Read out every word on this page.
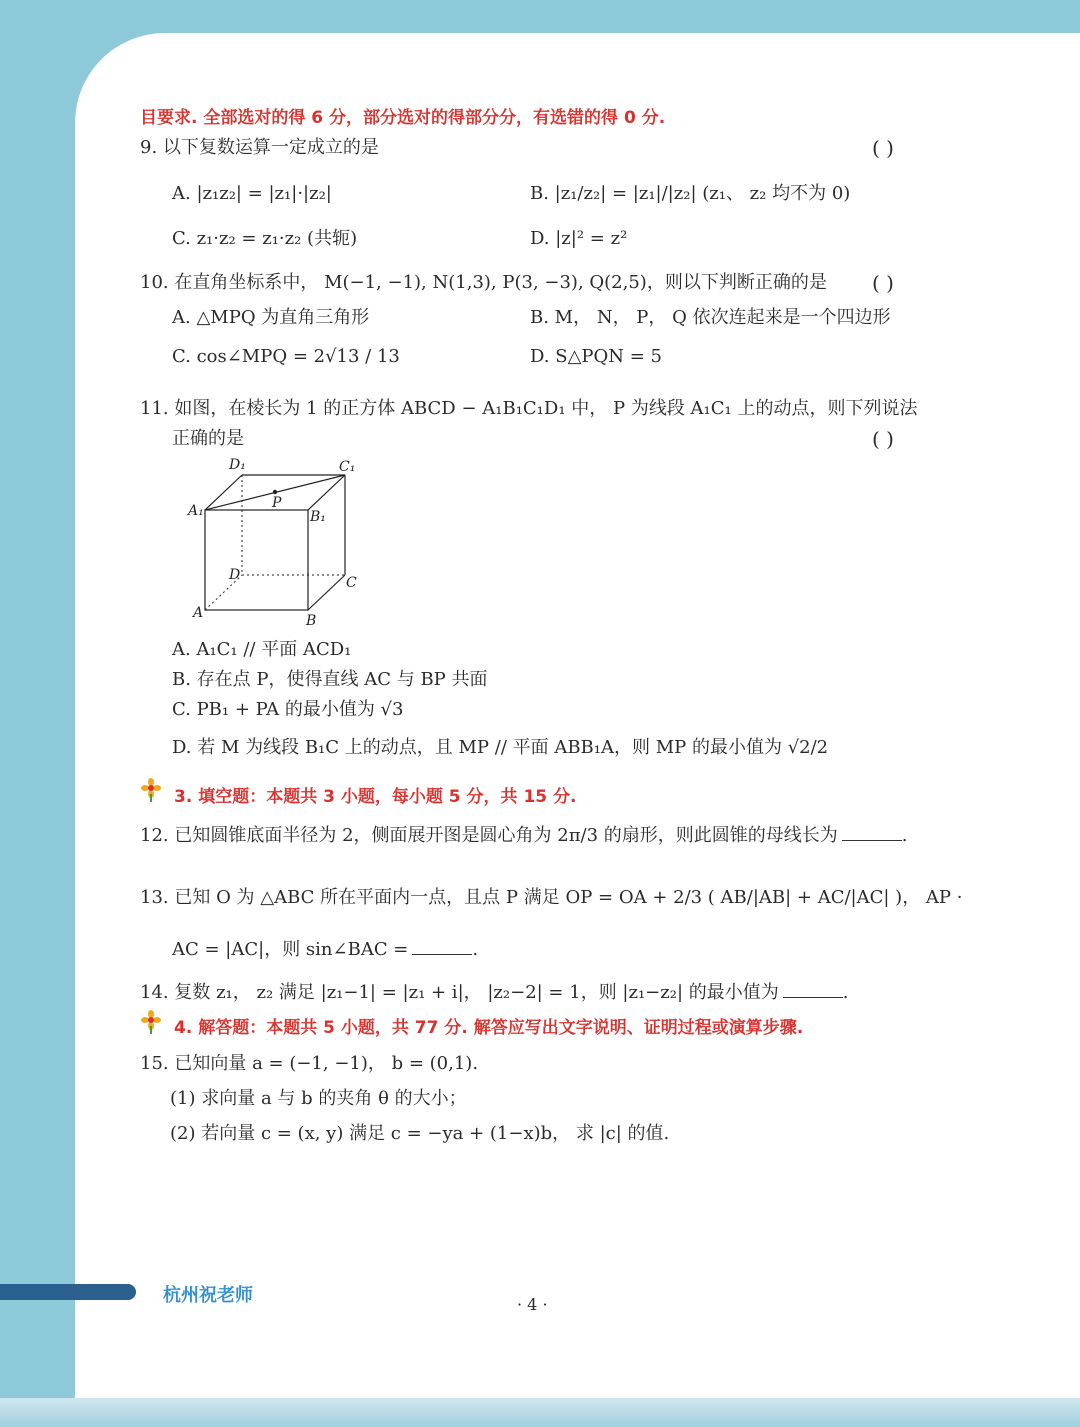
目要求. 全部选对的得 6 分，部分选对的得部分分，有选错的得 0 分.
9. 以下复数运算一定成立的是	( )
A. |z₁z₂| = |z₁|·|z₂|	B. |z₁/z₂| = |z₁|/|z₂| (z₁、 z₂ 均不为 0)
C. z₁·z₂ = z₁·z₂ (共轭)	D. |z|² = z²
10. 在直角坐标系中， M(−1, −1), N(1,3), P(3, −3), Q(2,5)，则以下判断正确的是 ( )
A. △MPQ 为直角三角形	B. M， N， P， Q 依次连起来是一个四边形
C. cos∠MPQ = 2√13 / 13	D. S△PQN = 5
11. 如图，在棱长为 1 的正方体 ABCD − A₁B₁C₁D₁ 中， P 为线段 A₁C₁ 上的动点，则下列说法
正确的是	( )
D₁	C₁
A₁	B₁
P
D	C
A	B
A. A₁C₁ // 平面 ACD₁
B. 存在点 P，使得直线 AC 与 BP 共面
C. PB₁ + PA 的最小值为 √3
D. 若 M 为线段 B₁C 上的动点，且 MP // 平面 ABB₁A，则 MP 的最小值为 √2/2
3. 填空题：本题共 3 小题，每小题 5 分，共 15 分.
12. 已知圆锥底面半径为 2，侧面展开图是圆心角为 2π/3 的扇形，则此圆锥的母线长为	.
13. 已知 O 为 △ABC 所在平面内一点，且点 P 满足 OP = OA + 2/3 ( AB/|AB| + AC/|AC| )， AP ·
AC = |AC|，则 sin∠BAC =	.
14. 复数 z₁， z₂ 满足 |z₁−1| = |z₁ + i|， |z₂−2| = 1，则 |z₁−z₂| 的最小值为	.
4. 解答题：本题共 5 小题，共 77 分. 解答应写出文字说明、证明过程或演算步骤.
15. 已知向量 a = (−1, −1)， b = (0,1).
(1) 求向量 a 与 b 的夹角 θ 的大小；
(2) 若向量 c = (x, y) 满足 c = −ya + (1−x)b， 求 |c| 的值.
杭州祝老师	· 4 ·
